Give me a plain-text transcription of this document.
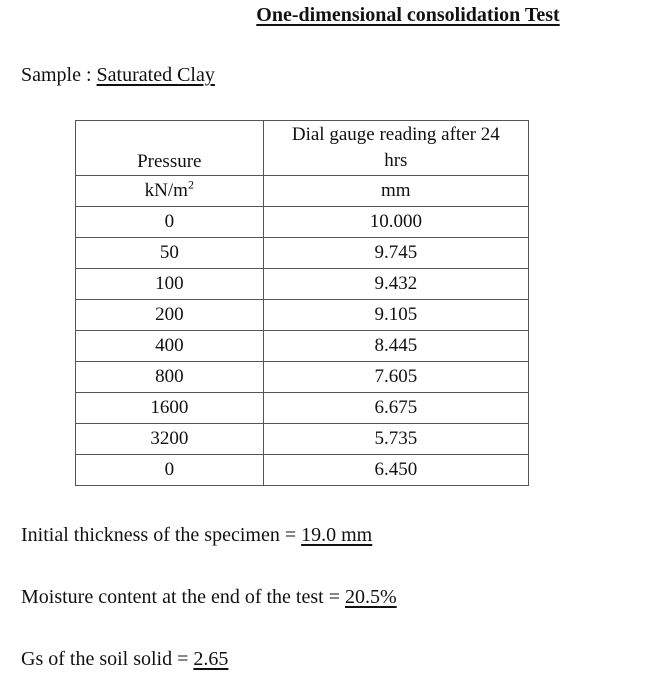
One-dimensional consolidation Test
Sample : Saturated Clay
Pressure	Dial gauge reading after 24
hrs

$kN/m^2$	mm
0	10.000
50	9.745
100	9.432
200	9.105
400	8.445
800	7.605
1600	6.675
3200	5.735
0	6.450
Initial thickness of the specimen = 19.0 mm
Moisture content at the end of the test = 20.5%
Gs of the soil solid = 2.65
